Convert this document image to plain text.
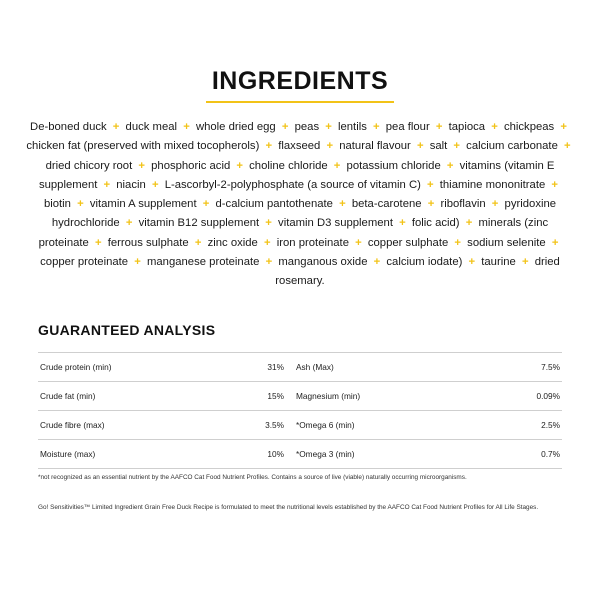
INGREDIENTS
De-boned duck + duck meal + whole dried egg + peas + lentils + pea flour + tapioca + chickpeas + chicken fat (preserved with mixed tocopherols) + flaxseed + natural flavour + salt + calcium carbonate + dried chicory root + phosphoric acid + choline chloride + potassium chloride + vitamins (vitamin E supplement + niacin + L-ascorbyl-2-polyphosphate (a source of vitamin C) + thiamine mononitrate + biotin + vitamin A supplement + d-calcium pantothenate + beta-carotene + riboflavin + pyridoxine hydrochloride + vitamin B12 supplement + vitamin D3 supplement + folic acid) + minerals (zinc proteinate + ferrous sulphate + zinc oxide + iron proteinate + copper sulphate + sodium selenite + copper proteinate + manganese proteinate + manganous oxide + calcium iodate) + taurine + dried rosemary.
GUARANTEED ANALYSIS
Crude protein (min)	31%	Ash (Max)	7.5%
Crude fat (min)	15%	Magnesium (min)	0.09%
Crude fibre (max)	3.5%	*Omega 6 (min)	2.5%
Moisture (max)	10%	*Omega 3 (min)	0.7%
*not recognized as an essential nutrient by the AAFCO Cat Food Nutrient Profiles. Contains a source of live (viable) naturally occurring microorganisms.
Go! Sensitivities™ Limited Ingredient Grain Free Duck Recipe is formulated to meet the nutritional levels established by the AAFCO Cat Food Nutrient Profiles for All Life Stages.
